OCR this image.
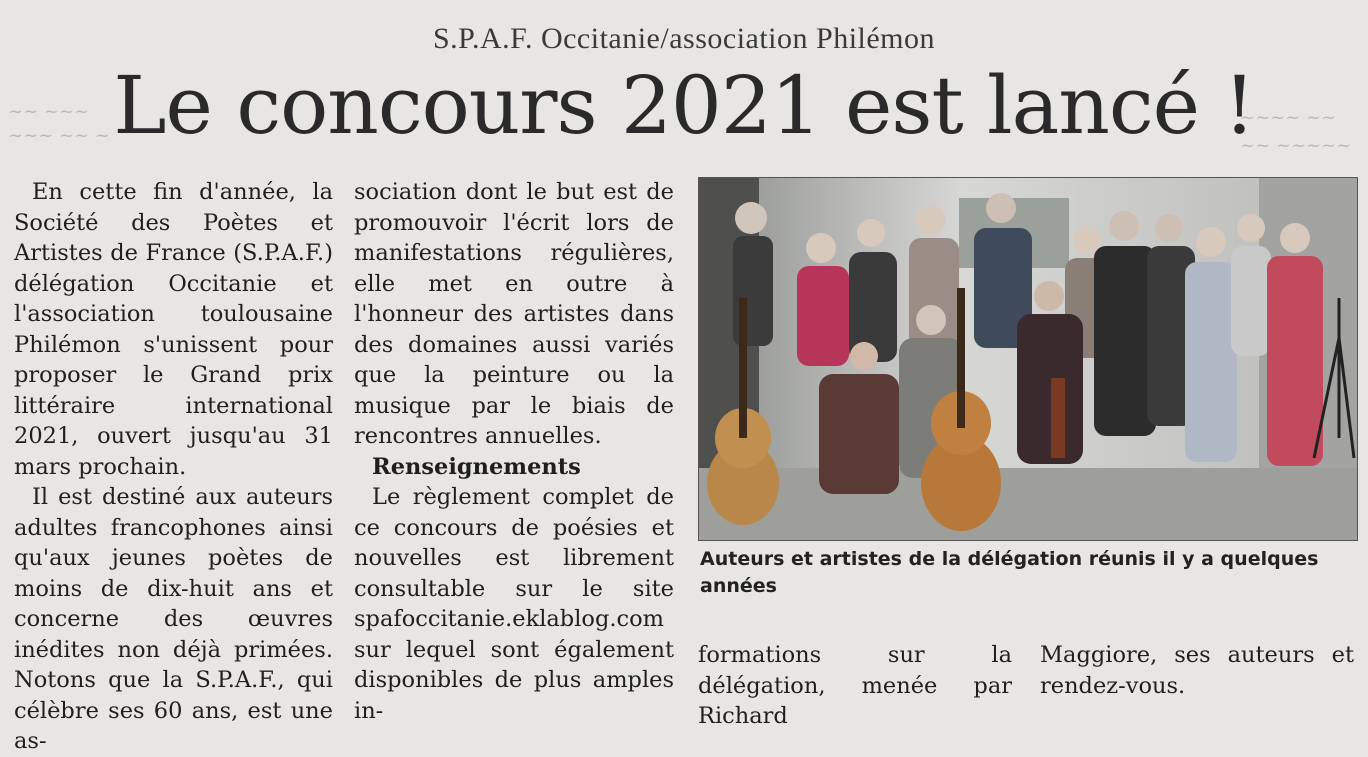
~~ ~~~
~~~ ~~ ~
~~~~ ~~
~~ ~~~~~
S.P.A.F. Occitanie/association Philémon
Le concours 2021 est lancé !

En cette fin d'année, la Société des Poètes et Artistes de France (S.P.A.F.) délégation Occitanie et l'association toulousaine Philémon s'unissent pour proposer le Grand prix littéraire international 2021, ouvert jusqu'au 31 mars prochain.

Il est destiné aux auteurs adultes francophones ainsi qu'aux jeunes poètes de moins de dix-huit ans et concerne des œuvres inédites non déjà primées. Notons que la S.P.A.F., qui célèbre ses 60 ans, est une as-

sociation dont le but est de promouvoir l'écrit lors de manifestations régulières, elle met en outre à l'honneur des artistes dans des domaines aussi variés que la peinture ou la musique par le biais de rencontres annuelles.

Renseignements

Le règlement complet de ce concours de poésies et nouvelles est librement consultable sur le site spafoccitanie.eklablog.com sur lequel sont également disponibles de plus amples in-

Auteurs et artistes de la délégation réunis il y a quelques années

formations sur la délégation, menée par Richard

Maggiore, ses auteurs et rendez-vous.
